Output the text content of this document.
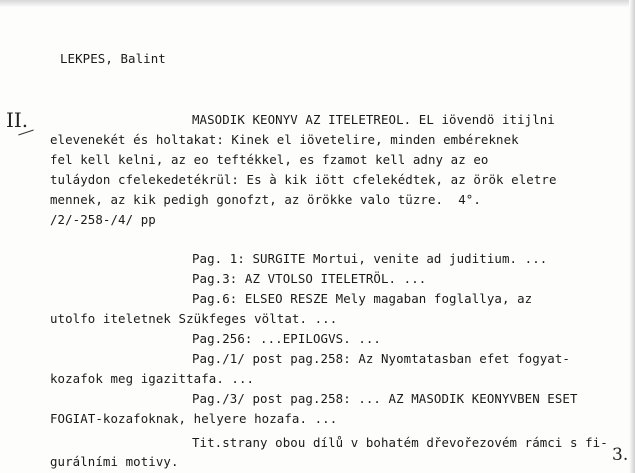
LEKPES, Balint
II.	MASODIK KEONYV AZ ITELETREOL. EL iövendö itijlni
elevenekét és holtakat: Kinek el iövetelire, minden embéreknek
fel kell kelni, az eo teftékkel, es fzamot kell adny az eo
tuláydon cfelekedetékrül: Es à kik iött cfelekédtek, az örök eletre
mennek, az kik pedigh gonofzt, az örökke valo tüzre.  4°.
/2/-258-/4/ pp
Pag. 1: SURGITE Mortui, venite ad juditium. ...
Pag.3: AZ VTOLSO ITELETRÖL. ...
Pag.6: ELSEO RESZE Mely magaban foglallya, az
utolfo iteletnek Szükfeges völtat. ...
Pag.256: ...EPILOGVS. ...
Pag./1/ post pag.258: Az Nyomtatasban efet fogyat-
kozafok meg igazittafa. ...
Pag./3/ post pag.258: ... AZ MASODIK KEONYVBEN ESET
FOGIAT-kozafoknak, helyere hozafa. ...
Tit.strany obou dílů v bohatém dřevořezovém rámci s fi-
gurálními motivy.	3.
